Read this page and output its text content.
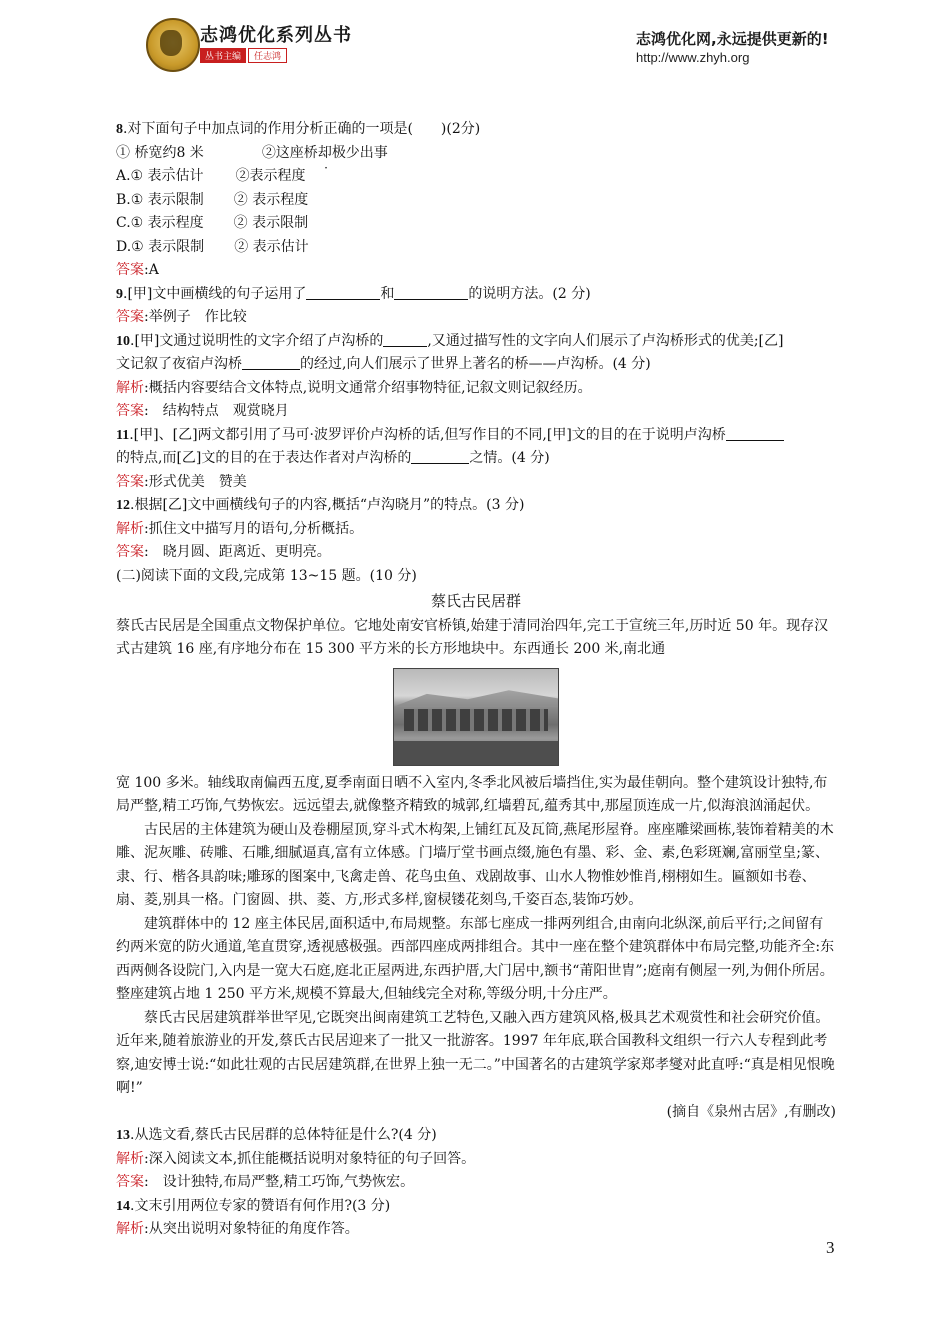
志鸿优化系列丛书
丛书主编	任志鸿
志鸿优化网,永远提供更新的!
http://www.zhyh.org
8.对下面句子中加点词的作用分析正确的一项是(　　)(2分)
① 桥宽约8 米	②这座桥却极少出事
A.① 表示估计 ②表示程度
B.① 表示限制 ② 表示程度
C.① 表示程度 ② 表示限制
D.① 表示限制 ② 表示估计
答案:A
9.[甲]文中画横线的句子运用了	和	的说明方法。(2 分)
答案:举例子　作比较
10.[甲]文通过说明性的文字介绍了卢沟桥的	,又通过描写性的文字向人们展示了卢沟桥形式的优美;[乙]
文记叙了夜宿卢沟桥	的经过,向人们展示了世界上著名的桥——卢沟桥。(4 分)
解析:概括内容要结合文体特点,说明文通常介绍事物特征,记叙文则记叙经历。
答案:　结构特点　观赏晓月
11.[甲]、[乙]两文都引用了马可·波罗评价卢沟桥的话,但写作目的不同,[甲]文的目的在于说明卢沟桥
的特点,而[乙]文的目的在于表达作者对卢沟桥的	之情。(4 分)
答案:形式优美　赞美
12.根据[乙]文中画横线句子的内容,概括“卢沟晓月”的特点。(3 分)
解析:抓住文中描写月的语句,分析概括。
答案:　晓月圆、距离近、更明亮。
(二)阅读下面的文段,完成第 13~15 题。(10 分)
蔡氏古民居群
蔡氏古民居是全国重点文物保护单位。它地处南安官桥镇,始建于清同治四年,完工于宣统三年,历时近 50 年。现存汉式古建筑 16 座,有序地分布在 15 300 平方米的长方形地块中。东西通长 200 米,南北通
宽 100 多米。轴线取南偏西五度,夏季南面日晒不入室内,冬季北风被后墙挡住,实为最佳朝向。整个建筑设计独特,布局严整,精工巧饰,气势恢宏。远远望去,就像整齐精致的城郭,红墙碧瓦,蕴秀其中,那屋顶连成一片,似海浪汹涌起伏。
古民居的主体建筑为硬山及卷棚屋顶,穿斗式木构架,上铺红瓦及瓦筒,燕尾形屋脊。座座雕梁画栋,装饰着精美的木雕、泥灰雕、砖雕、石雕,细腻逼真,富有立体感。门墙厅堂书画点缀,施色有墨、彩、金、素,色彩斑斓,富丽堂皇;篆、隶、行、楷各具韵味;雕琢的图案中,飞禽走兽、花鸟虫鱼、戏剧故事、山水人物惟妙惟肖,栩栩如生。匾额如书卷、扇、菱,别具一格。门窗圆、拱、菱、方,形式多样,窗棂镂花刻鸟,千姿百态,装饰巧妙。
建筑群体中的 12 座主体民居,面积适中,布局规整。东部七座成一排两列组合,由南向北纵深,前后平行;之间留有约两米宽的防火通道,笔直贯穿,透视感极强。西部四座成两排组合。其中一座在整个建筑群体中布局完整,功能齐全:东西两侧各设院门,入内是一宽大石庭,庭北正屋两进,东西护厝,大门居中,额书“莆阳世胄”;庭南有侧屋一列,为佣仆所居。整座建筑占地 1 250 平方米,规模不算最大,但轴线完全对称,等级分明,十分庄严。
蔡氏古民居建筑群举世罕见,它既突出闽南建筑工艺特色,又融入西方建筑风格,极具艺术观赏性和社会研究价值。近年来,随着旅游业的开发,蔡氏古民居迎来了一批又一批游客。1997 年年底,联合国教科文组织一行六人专程到此考察,迪安博士说:“如此壮观的古民居建筑群,在世界上独一无二。”中国著名的古建筑学家郑孝燮对此直呼:“真是相见恨晚啊!”
(摘自《泉州古居》,有删改)
13.从选文看,蔡氏古民居群的总体特征是什么?(4 分)
解析:深入阅读文本,抓住能概括说明对象特征的句子回答。
答案:　设计独特,布局严整,精工巧饰,气势恢宏。
14.文末引用两位专家的赞语有何作用?(3 分)
解析:从突出说明对象特征的角度作答。
3
